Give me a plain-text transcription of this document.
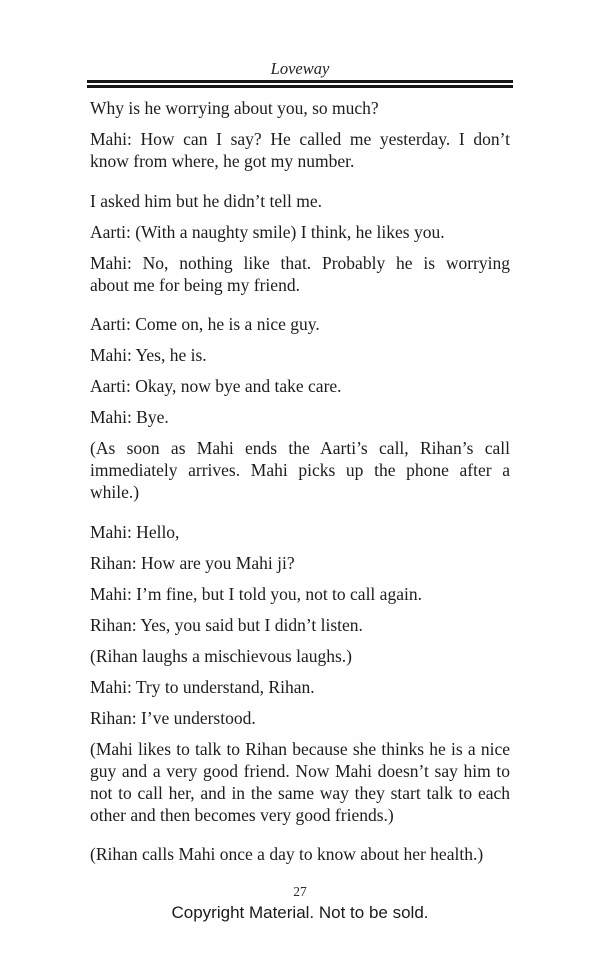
Loveway

Why is he worrying about you, so much?

Mahi: How can I say? He called me yesterday. I don’t
know from where, he got my number.

I asked him but he didn’t tell me.

Aarti: (With a naughty smile) I think, he likes you.

Mahi: No, nothing like that. Probably he is worrying
about me for being my friend.

Aarti: Come on, he is a nice guy.

Mahi: Yes, he is.

Aarti: Okay, now bye and take care.

Mahi: Bye.

(As soon as Mahi ends the Aarti’s call, Rihan’s call
immediately arrives. Mahi picks up the phone after a
while.)

Mahi: Hello,

Rihan: How are you Mahi ji?

Mahi: I’m fine, but I told you, not to call again.

Rihan: Yes, you said but I didn’t listen.

(Rihan laughs a mischievous laughs.)

Mahi: Try to understand, Rihan.

Rihan: I’ve understood.

(Mahi likes to talk to Rihan because she thinks he is a nice
guy and a very good friend. Now Mahi doesn’t say him to
not to call her, and in the same way they start talk to each
other and then becomes very good friends.)

(Rihan calls Mahi once a day to know about her health.)

27
Copyright Material. Not to be sold.
